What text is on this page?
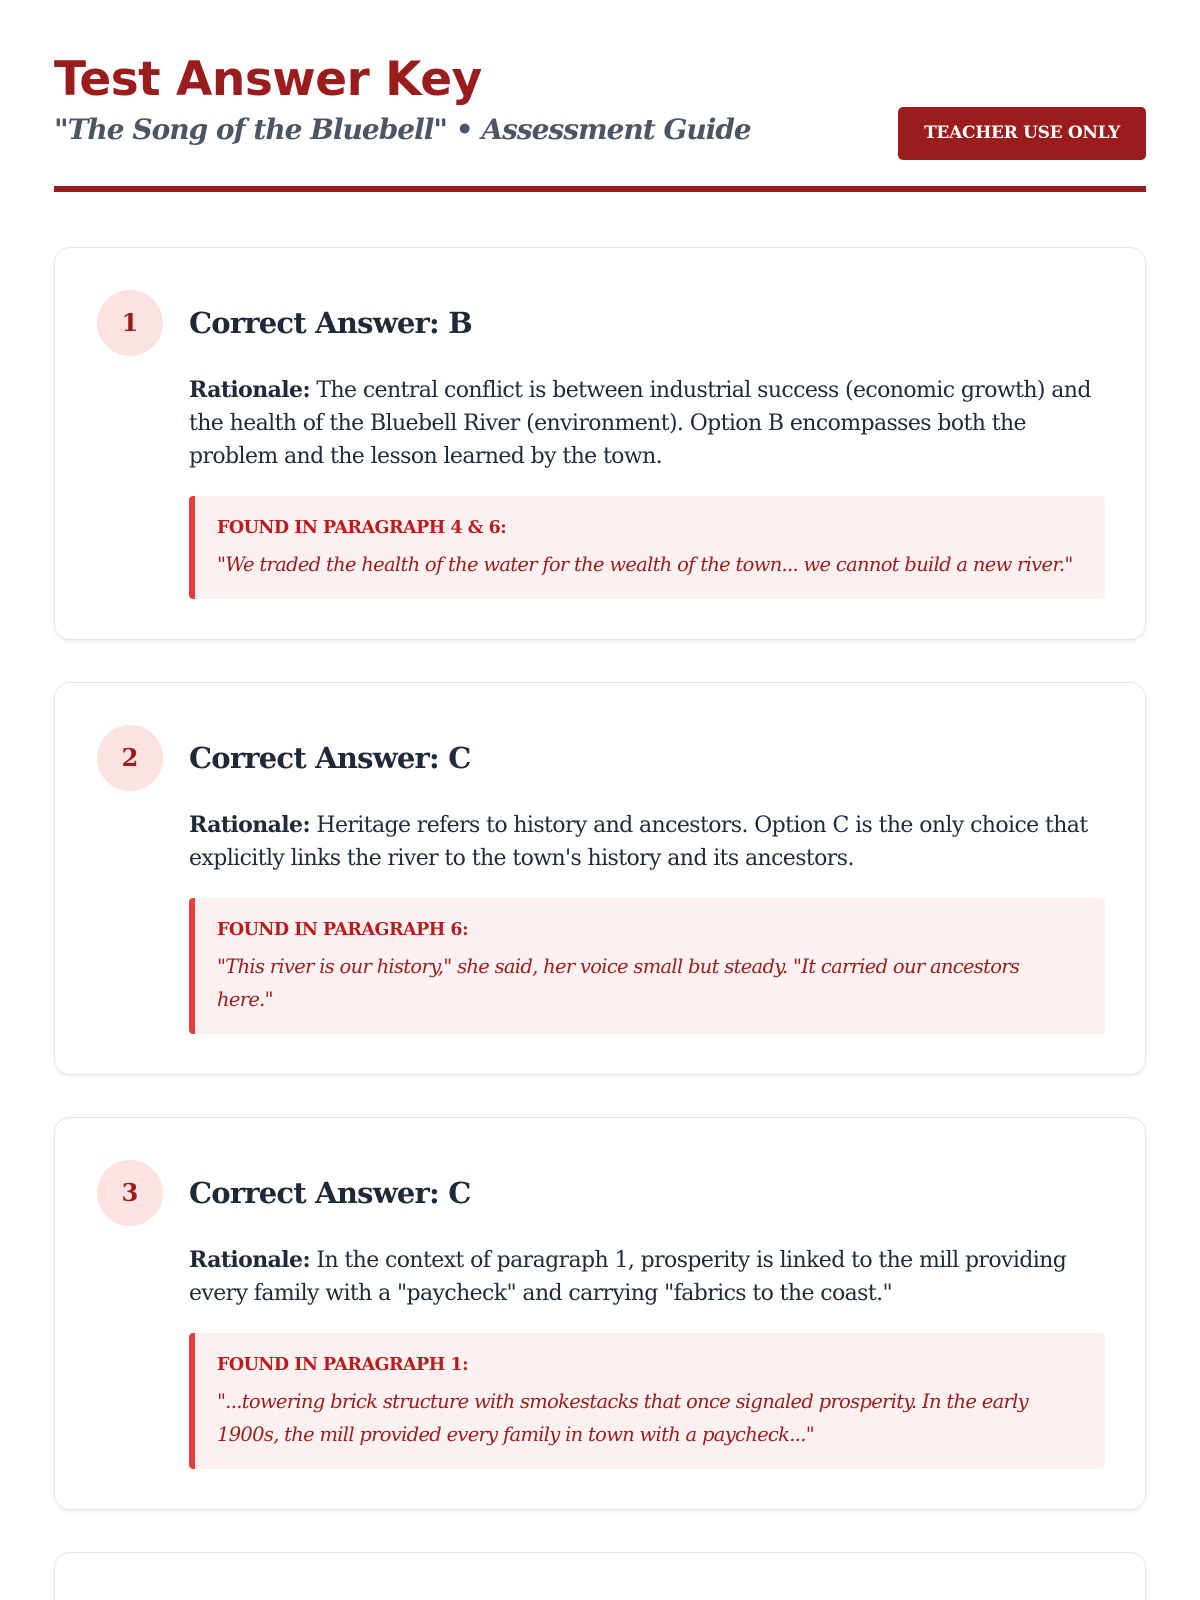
Test Answer Key
"The Song of the Bluebell" • Assessment Guide	TEACHER USE ONLY
1	Correct Answer: B
Rationale: The central conflict is between industrial success (economic growth) and the health of the Bluebell River (environment). Option B encompasses both the problem and the lesson learned by the town.
FOUND IN PARAGRAPH 4 & 6:
"We traded the health of the water for the wealth of the town... we cannot build a new river."
2	Correct Answer: C
Rationale: Heritage refers to history and ancestors. Option C is the only choice that explicitly links the river to the town's history and its ancestors.
FOUND IN PARAGRAPH 6:
"This river is our history," she said, her voice small but steady. "It carried our ancestors here."
3	Correct Answer: C
Rationale: In the context of paragraph 1, prosperity is linked to the mill providing every family with a "paycheck" and carrying "fabrics to the coast."
FOUND IN PARAGRAPH 1:
"...towering brick structure with smokestacks that once signaled prosperity. In the early 1900s, the mill provided every family in town with a paycheck..."
